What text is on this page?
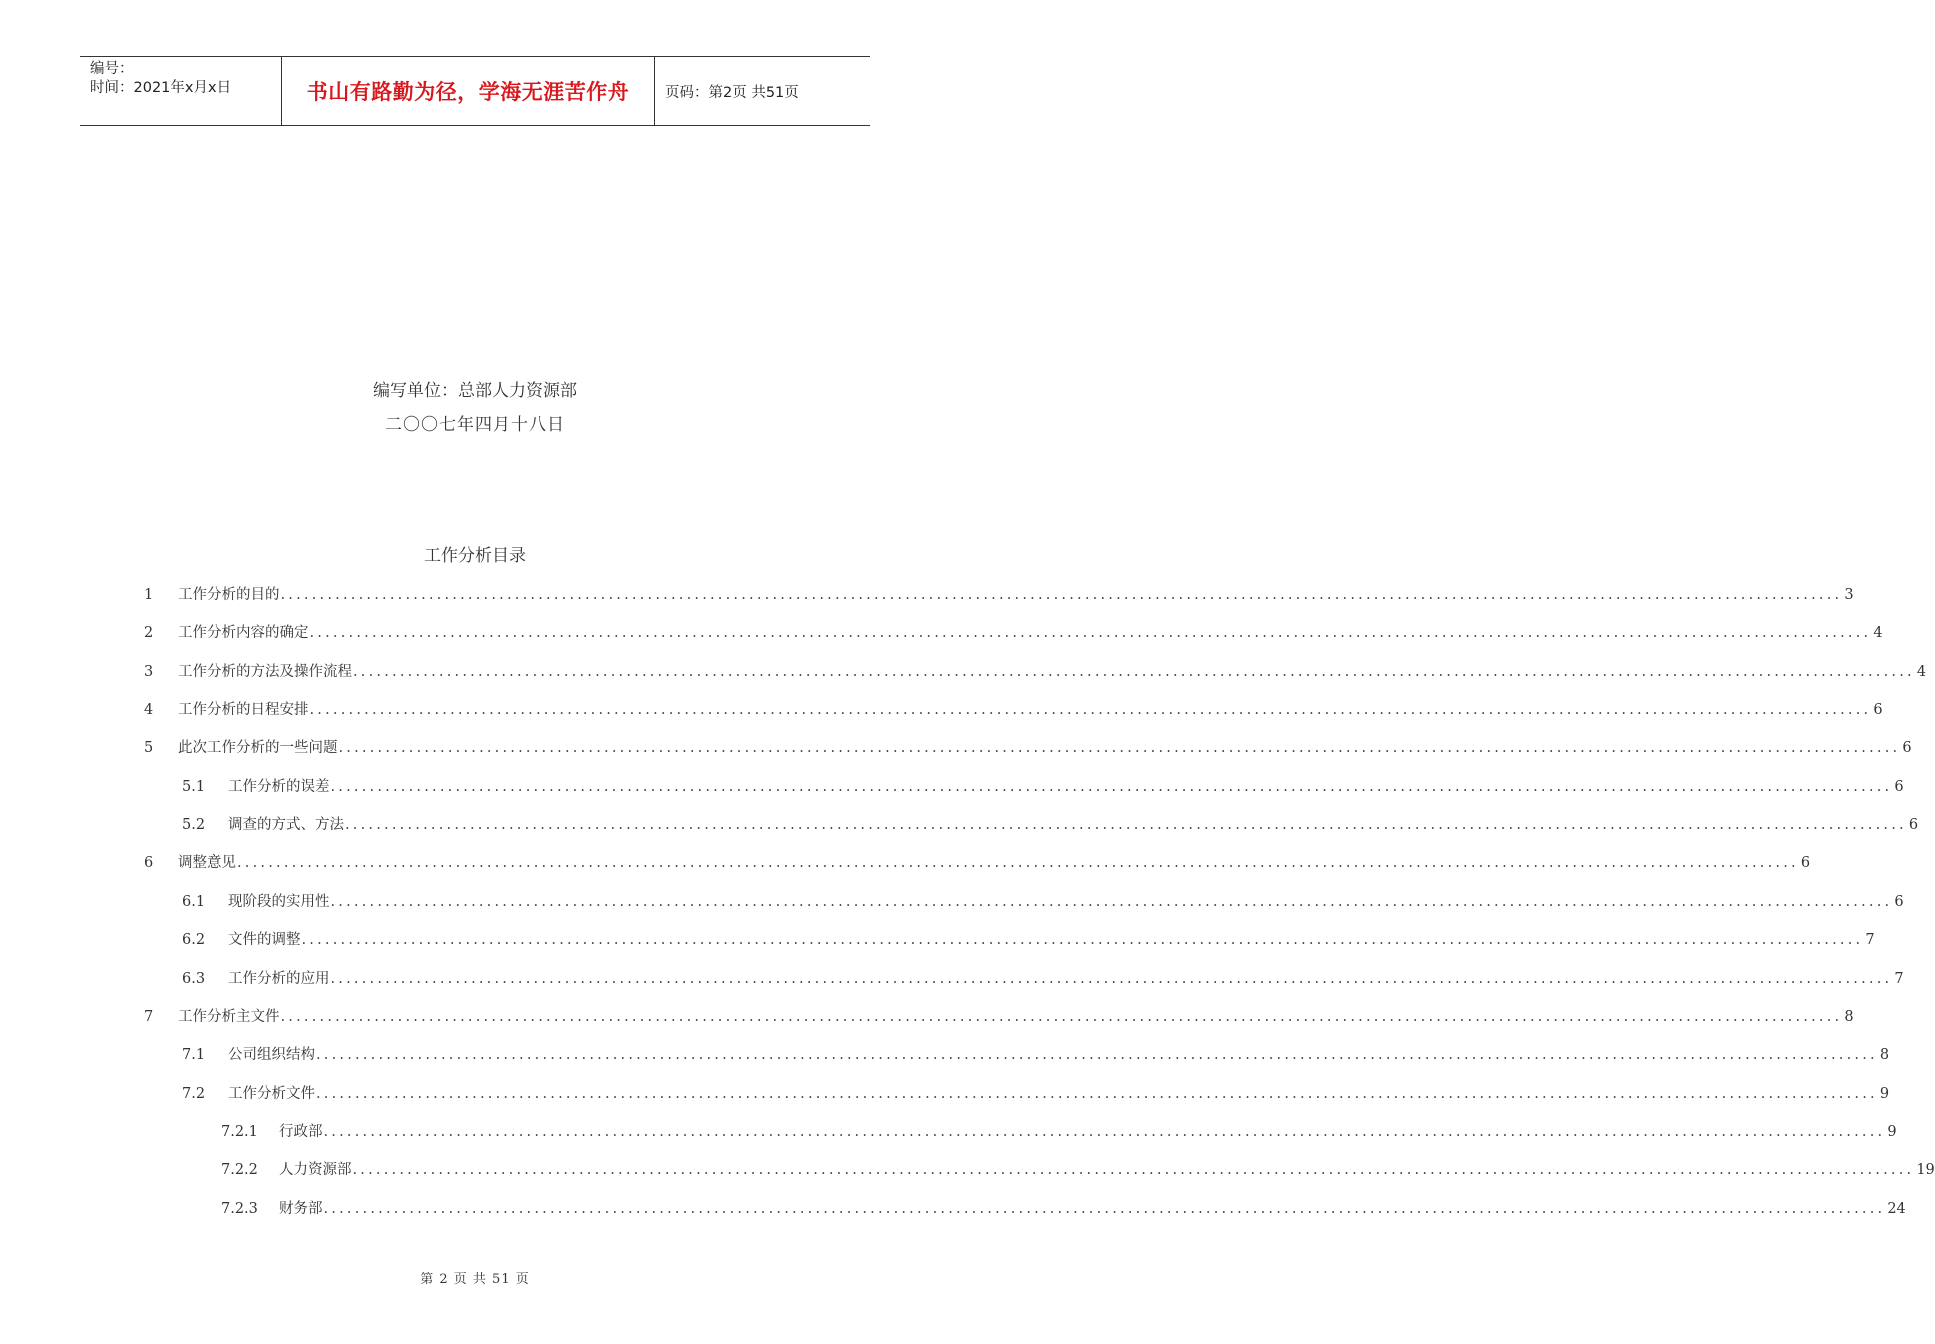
编号：
时间：2021年x月x日	书山有路勤为径，学海无涯苦作舟	页码：第2页 共51页
编写单位：总部人力资源部
二〇〇七年四月十八日
工作分析目录
1	工作分析的目的 ........................................................................................................................................................................................................ 3
2	工作分析内容的确定 ........................................................................................................................................................................................................ 4
3	工作分析的方法及操作流程 ........................................................................................................................................................................................................ 4
4	工作分析的日程安排 ........................................................................................................................................................................................................ 6
5	此次工作分析的一些问题 ........................................................................................................................................................................................................ 6
5.1	工作分析的误差 ........................................................................................................................................................................................................ 6
5.2	调查的方式、方法 ........................................................................................................................................................................................................ 6
6	调整意见 ........................................................................................................................................................................................................ 6
6.1	现阶段的实用性 ........................................................................................................................................................................................................ 6
6.2	文件的调整 ........................................................................................................................................................................................................ 7
6.3	工作分析的应用 ........................................................................................................................................................................................................ 7
7	工作分析主文件 ........................................................................................................................................................................................................ 8
7.1	公司组织结构 ........................................................................................................................................................................................................ 8
7.2	工作分析文件 ........................................................................................................................................................................................................ 9
7.2.1	行政部 ........................................................................................................................................................................................................ 9
7.2.2	人力资源部 ........................................................................................................................................................................................................ 19
7.2.3	财务部 ........................................................................................................................................................................................................ 24
第 2 页 共 51 页
